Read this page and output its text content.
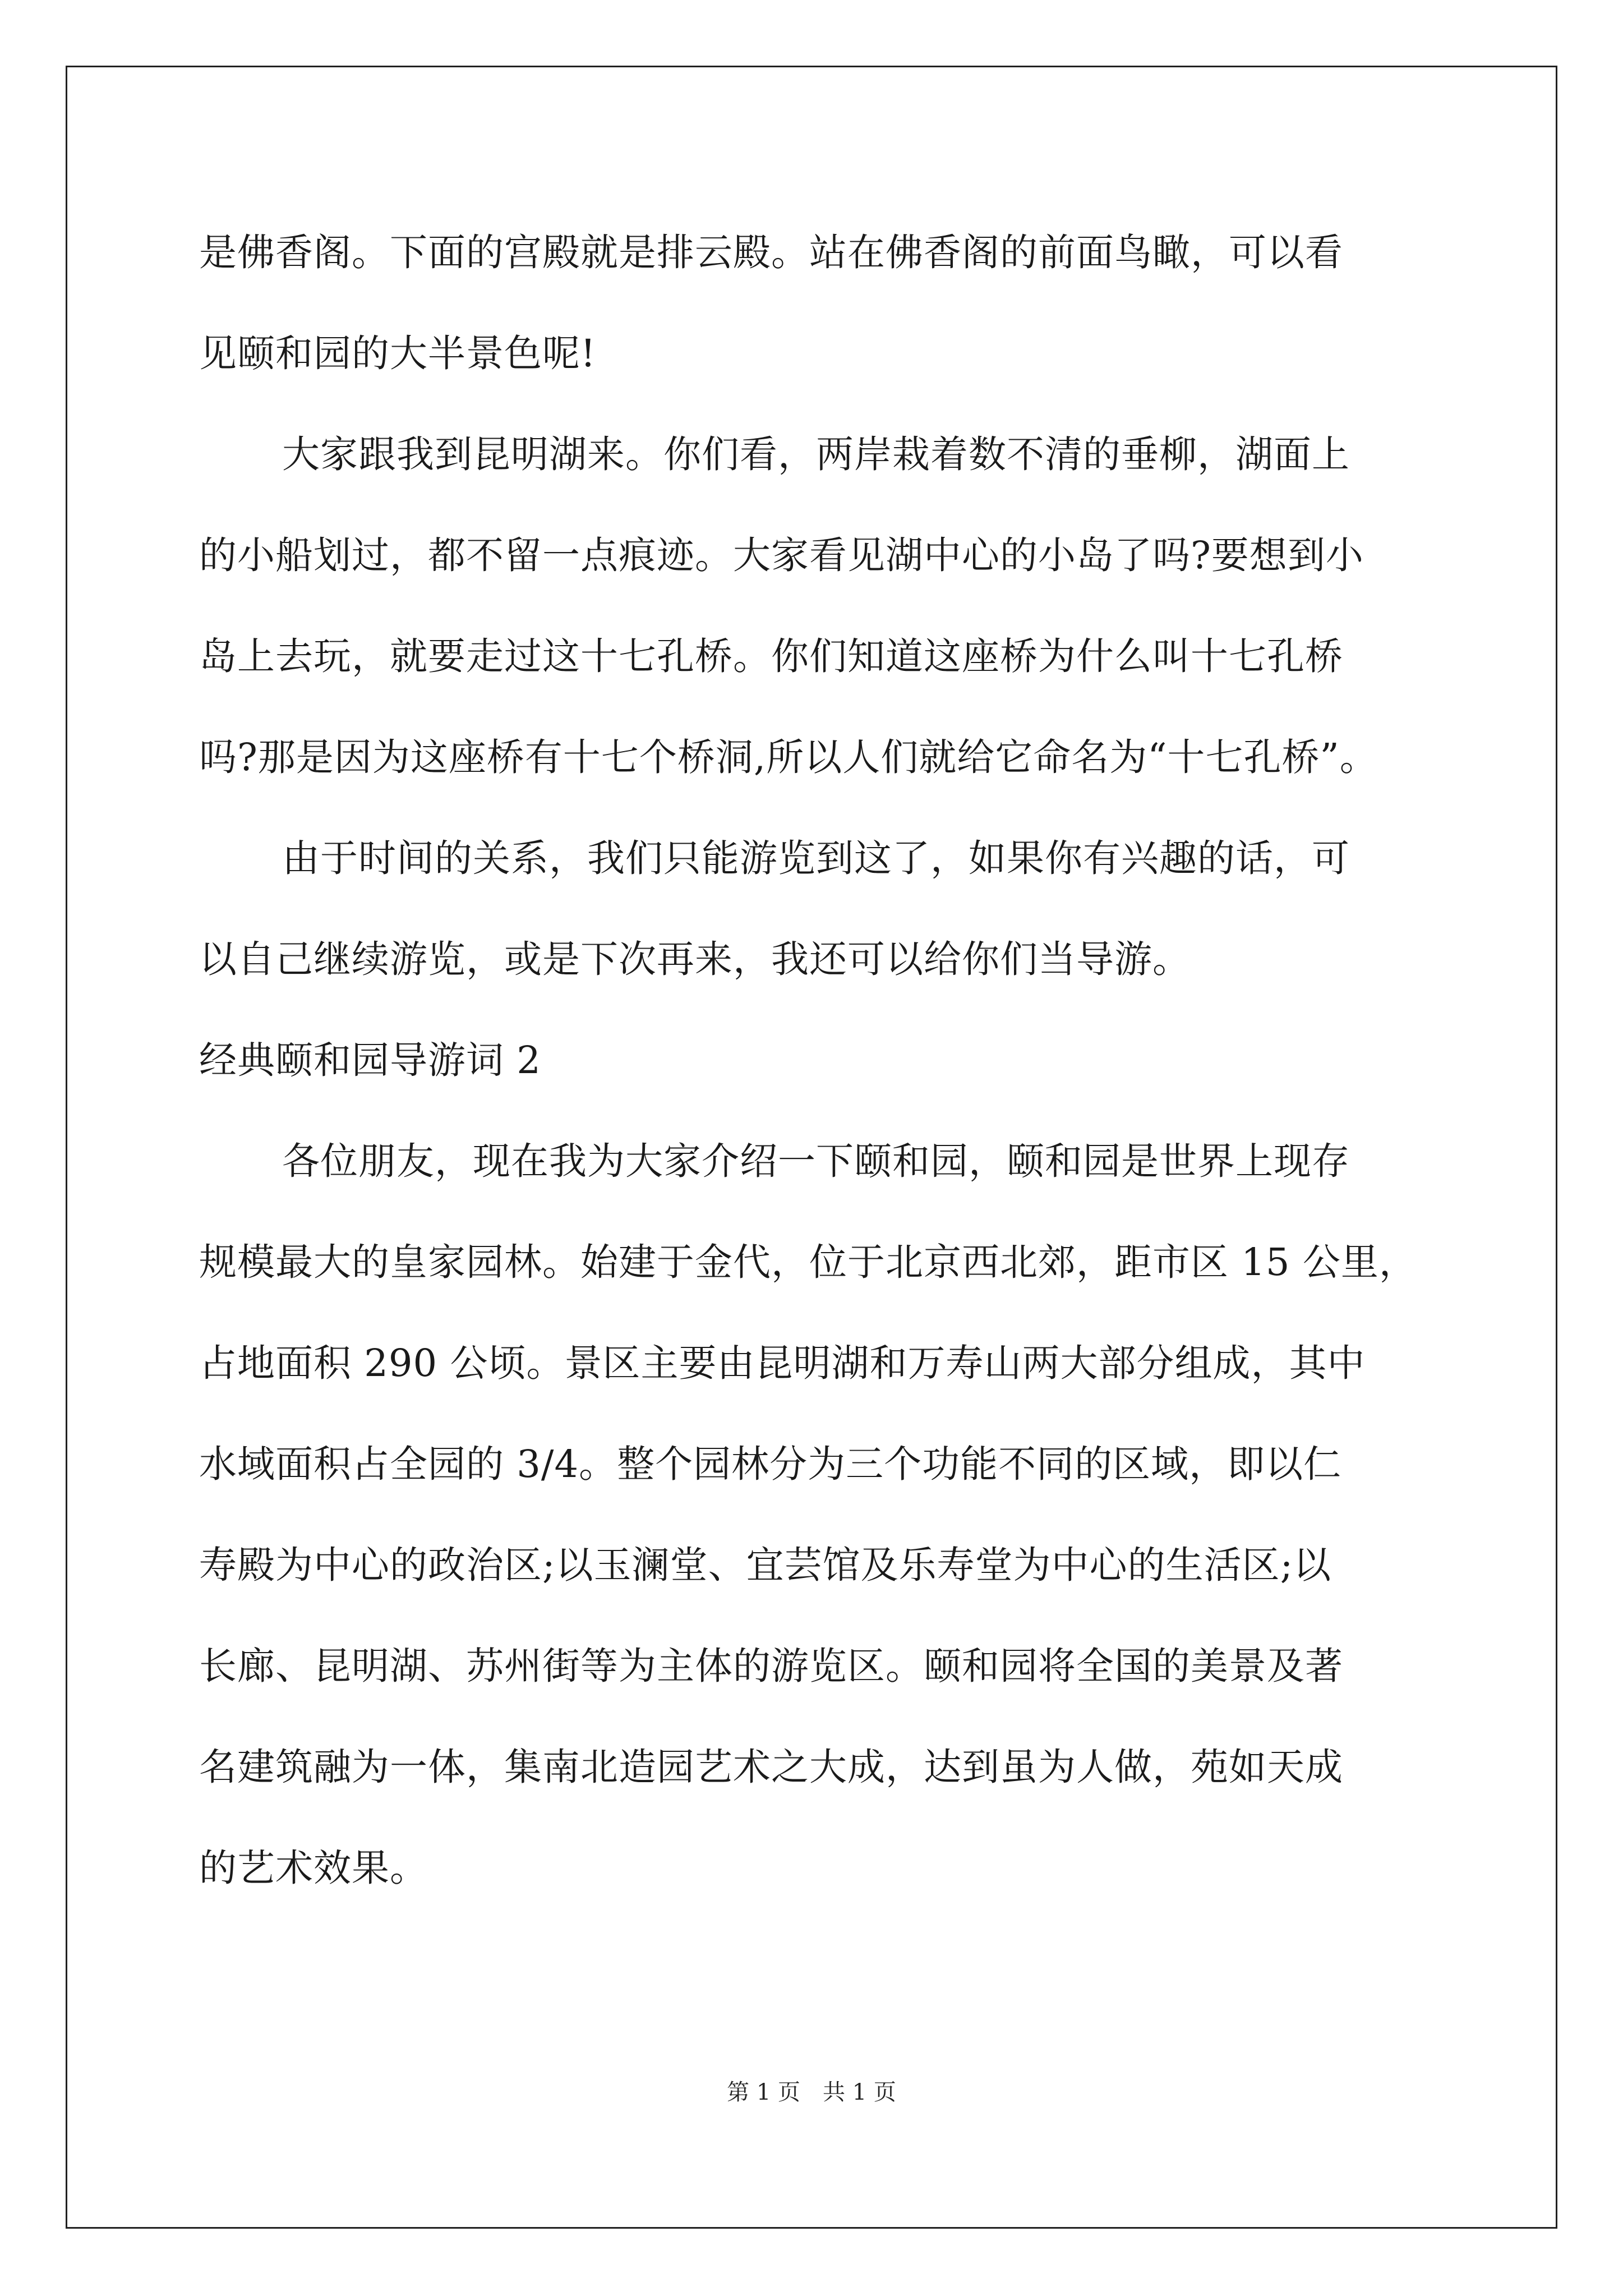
是佛香阁。下面的宫殿就是排云殿。站在佛香阁的前面鸟瞰，可以看
见颐和园的大半景色呢!
大家跟我到昆明湖来。你们看，两岸栽着数不清的垂柳，湖面上
的小船划过，都不留一点痕迹。大家看见湖中心的小岛了吗?要想到小
岛上去玩，就要走过这十七孔桥。你们知道这座桥为什么叫十七孔桥
吗?那是因为这座桥有十七个桥洞,所以人们就给它命名为“十七孔桥”。
由于时间的关系，我们只能游览到这了，如果你有兴趣的话，可
以自己继续游览，或是下次再来，我还可以给你们当导游。
经典颐和园导游词 2
各位朋友，现在我为大家介绍一下颐和园，颐和园是世界上现存
规模最大的皇家园林。始建于金代，位于北京西北郊，距市区 15 公里，
占地面积 290 公顷。景区主要由昆明湖和万寿山两大部分组成，其中
水域面积占全园的 3/4。整个园林分为三个功能不同的区域，即以仁
寿殿为中心的政治区;以玉澜堂、宜芸馆及乐寿堂为中心的生活区;以
长廊、昆明湖、苏州街等为主体的游览区。颐和园将全国的美景及著
名建筑融为一体，集南北造园艺术之大成，达到虽为人做，苑如天成
的艺术效果。
第 1 页　共 1 页
